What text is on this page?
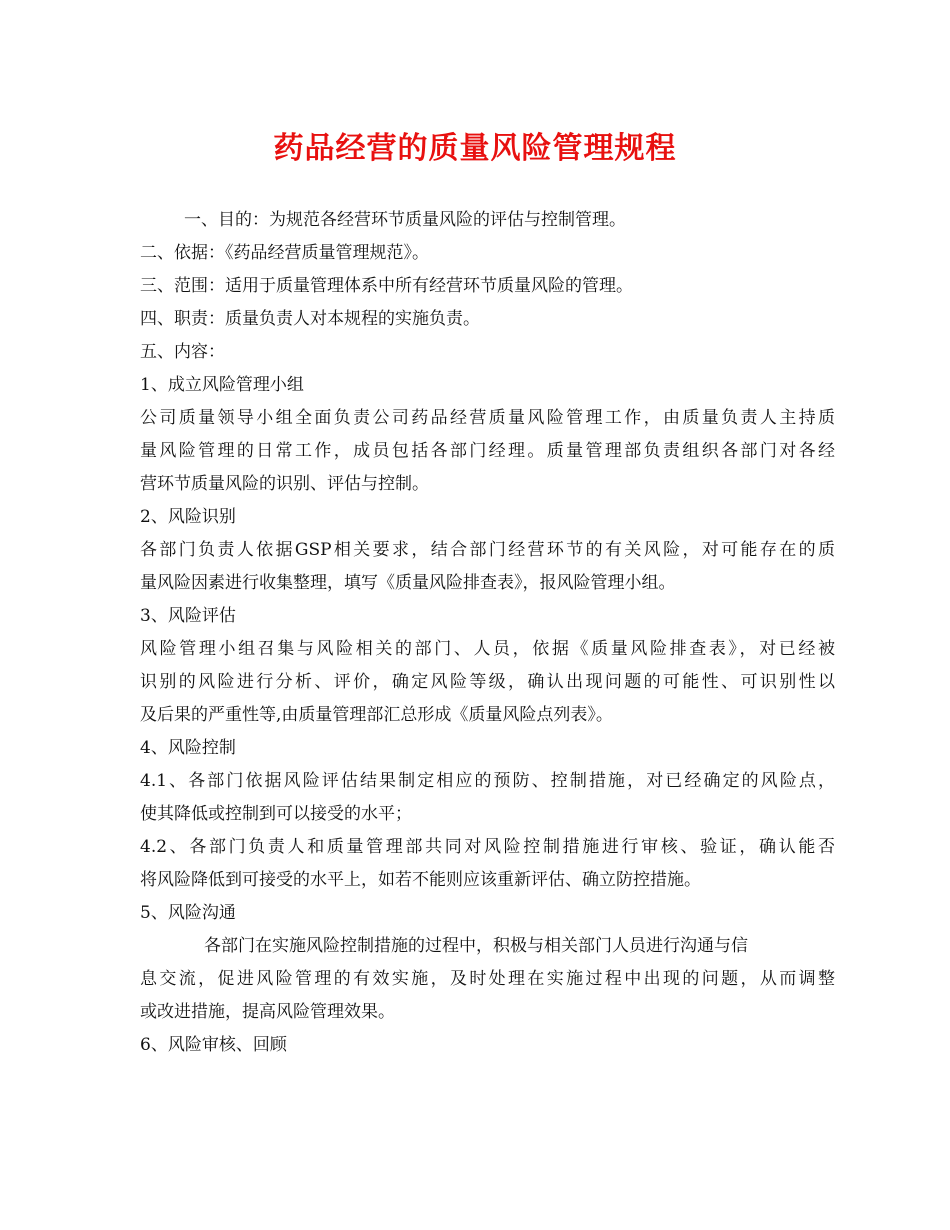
药品经营的质量风险管理规程
一、目的：为规范各经营环节质量风险的评估与控制管理。
二、依据：《药品经营质量管理规范》。
三、范围：适用于质量管理体系中所有经营环节质量风险的管理。
四、职责：质量负责人对本规程的实施负责。
五、内容：
1、成立风险管理小组
公司质量领导小组全面负责公司药品经营质量风险管理工作，由质量负责人主持质
量风险管理的日常工作，成员包括各部门经理。质量管理部负责组织各部门对各经
营环节质量风险的识别、评估与控制。
2、风险识别
各部门负责人依据GSP相关要求，结合部门经营环节的有关风险，对可能存在的质
量风险因素进行收集整理，填写《质量风险排查表》，报风险管理小组。
3、风险评估
风险管理小组召集与风险相关的部门、人员，依据《质量风险排查表》，对已经被
识别的风险进行分析、评价，确定风险等级，确认出现问题的可能性、可识别性以
及后果的严重性等,由质量管理部汇总形成《质量风险点列表》。
4、风险控制
4.1、各部门依据风险评估结果制定相应的预防、控制措施，对已经确定的风险点，
使其降低或控制到可以接受的水平；
4.2、各部门负责人和质量管理部共同对风险控制措施进行审核、验证，确认能否
将风险降低到可接受的水平上，如若不能则应该重新评估、确立防控措施。
5、风险沟通
各部门在实施风险控制措施的过程中，积极与相关部门人员进行沟通与信
息交流，促进风险管理的有效实施，及时处理在实施过程中出现的问题，从而调整
或改进措施，提高风险管理效果。
6、风险审核、回顾
